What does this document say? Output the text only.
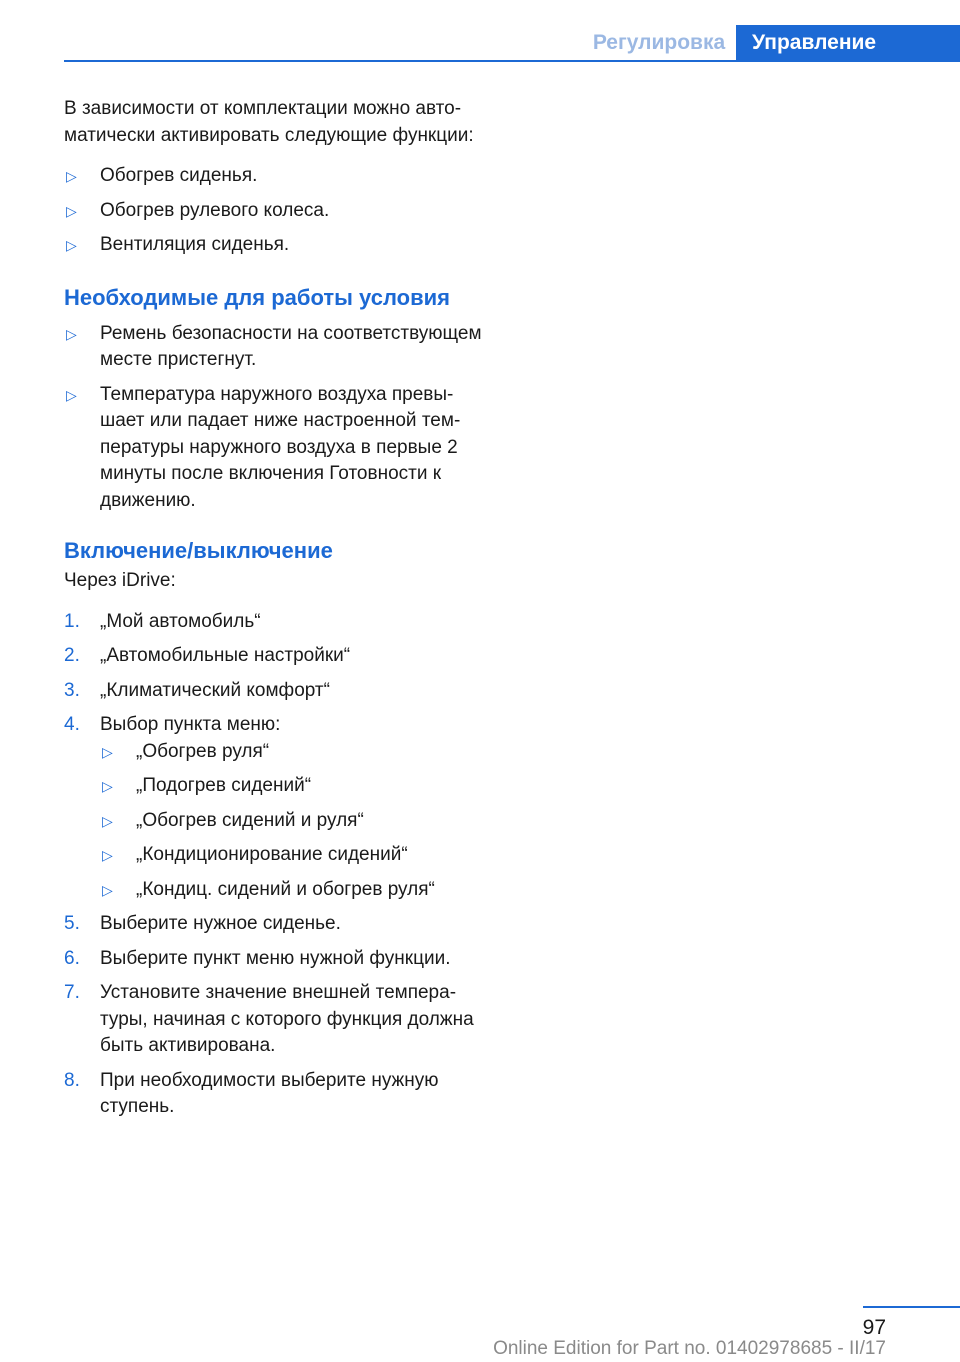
Регулировка	Управление

В зависимости от комплектации можно автоматически активировать следующие функции:

▷ Обогрев сиденья.
▷ Обогрев рулевого колеса.
▷ Вентиляция сиденья.
Необходимые для работы условия
▷ Ремень безопасности на соответствующем месте пристегнут.
▷ Температура наружного воздуха превышает или падает ниже настроенной температуры наружного воздуха в первые 2 минуты после включения Готовности к движению.
Включение/выключение

Через iDrive:

1. „Мой автомобиль“
2. „Автомобильные настройки“
3. „Климатический комфорт“
4. Выбор пункта меню:
▷ „Обогрев руля“
▷ „Подогрев сидений“
▷ „Обогрев сидений и руля“
▷ „Кондиционирование сидений“
▷ „Кондиц. сидений и обогрев руля“
5. Выберите нужное сиденье.
6. Выберите пункт меню нужной функции.
7. Установите значение внешней температуры, начиная с которого функция должна быть активирована.
8. При необходимости выберите нужную ступень.
97
Online Edition for Part no. 01402978685 - II/17
